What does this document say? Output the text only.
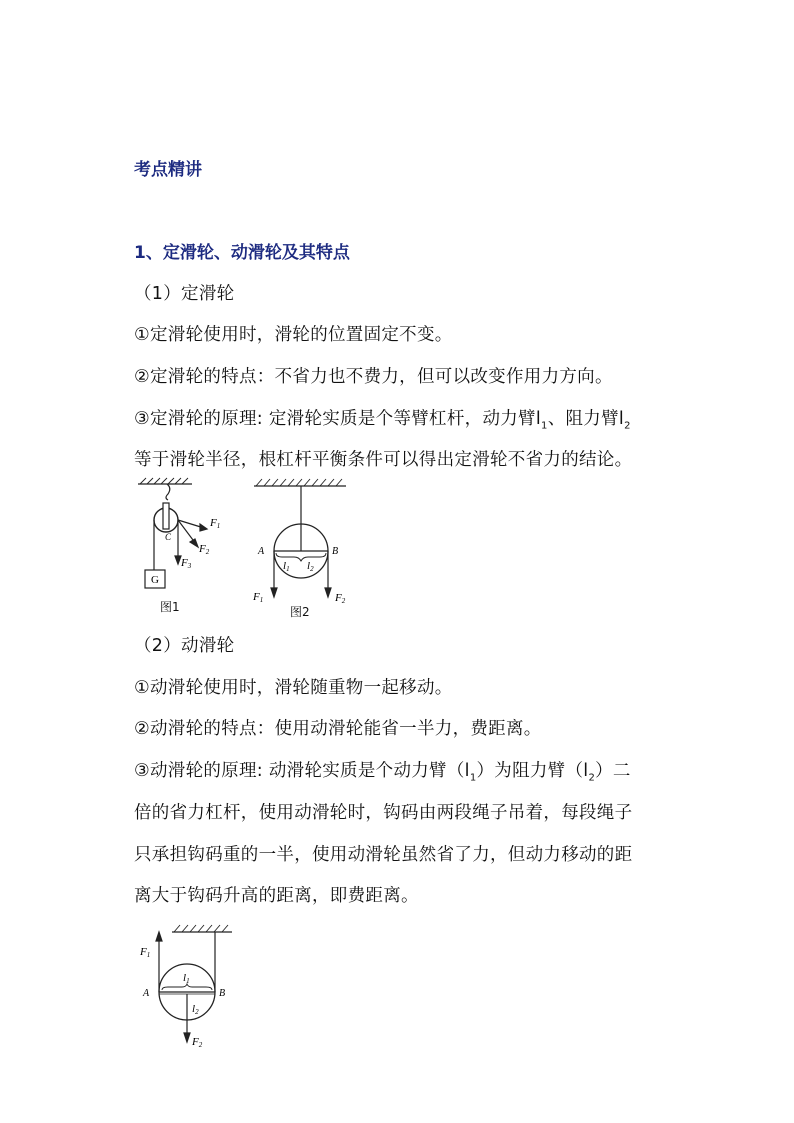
考点精讲
1、定滑轮、动滑轮及其特点
（1）定滑轮
①定滑轮使用时，滑轮的位置固定不变。
②定滑轮的特点：不省力也不费力，但可以改变作用力方向。
③定滑轮的原理: 定滑轮实质是个等臂杠杆，动力臂$l_1$、阻力臂$l_2$
等于滑轮半径，根杠杆平衡条件可以得出定滑轮不省力的结论。
G
C
F1
F2
F3
图1
A	B
l1 l2
F1	F2
图2
（2）动滑轮
①动滑轮使用时，滑轮随重物一起移动。
②动滑轮的特点：使用动滑轮能省一半力，费距离。
③动滑轮的原理: 动滑轮实质是个动力臂$(l_1)$为阻力臂$(l_2)$二
倍的省力杠杆，使用动滑轮时，钩码由两段绳子吊着，每段绳子
只承担钩码重的一半，使用动滑轮虽然省了力，但动力移动的距
离大于钩码升高的距离，即费距离。
A	B
l1
l2
F1
F2
